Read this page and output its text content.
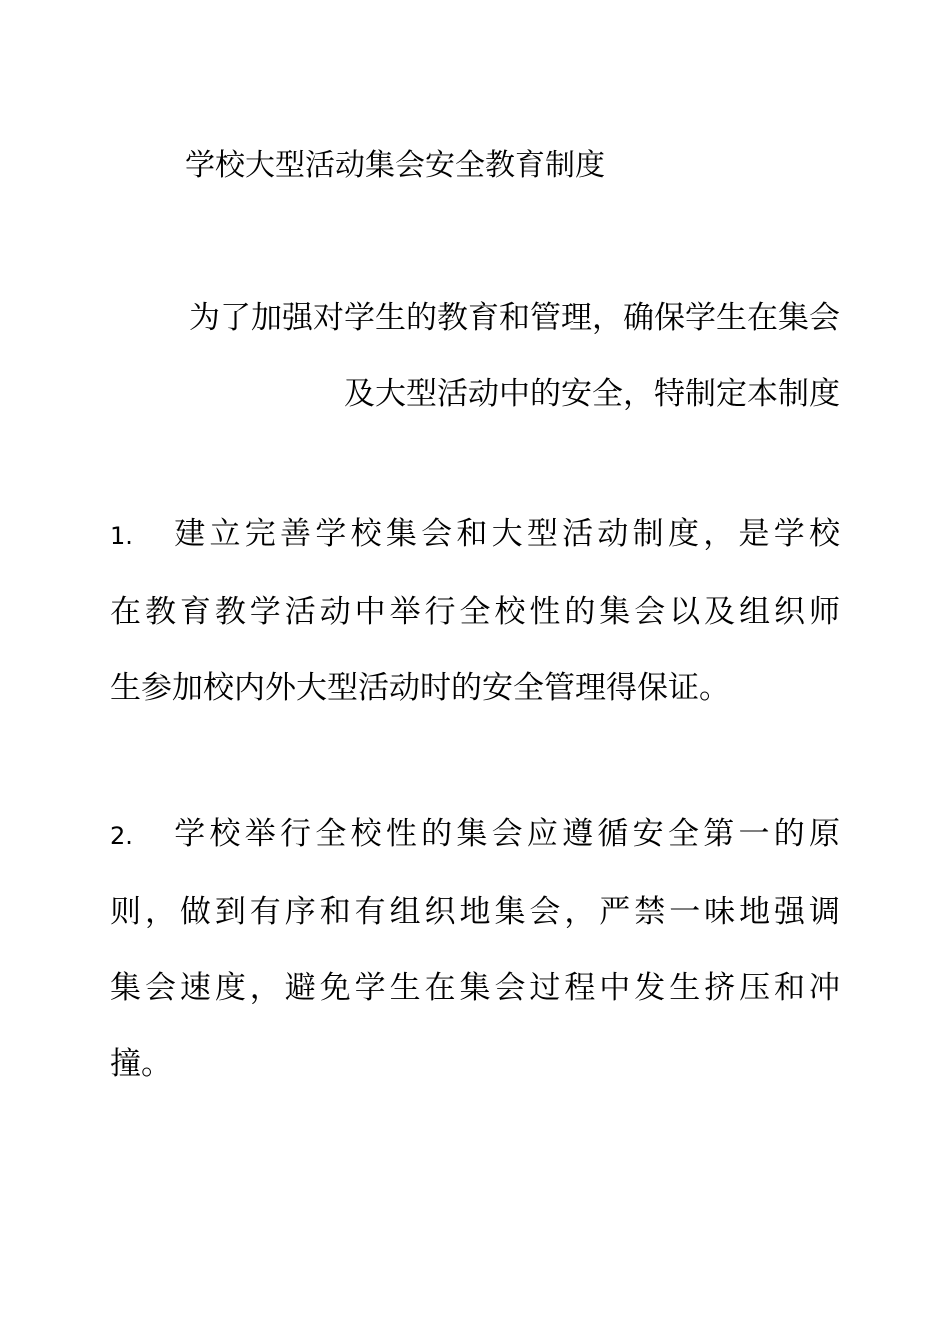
学校大型活动集会安全教育制度
为了加强对学生的教育和管理，确保学生在集会
及大型活动中的安全，特制定本制度
1. 建立完善学校集会和大型活动制度，是学校
在教育教学活动中举行全校性的集会以及组织师
生参加校内外大型活动时的安全管理得保证。
2. 学校举行全校性的集会应遵循安全第一的原
则，做到有序和有组织地集会，严禁一味地强调
集会速度，避免学生在集会过程中发生挤压和冲
撞。
